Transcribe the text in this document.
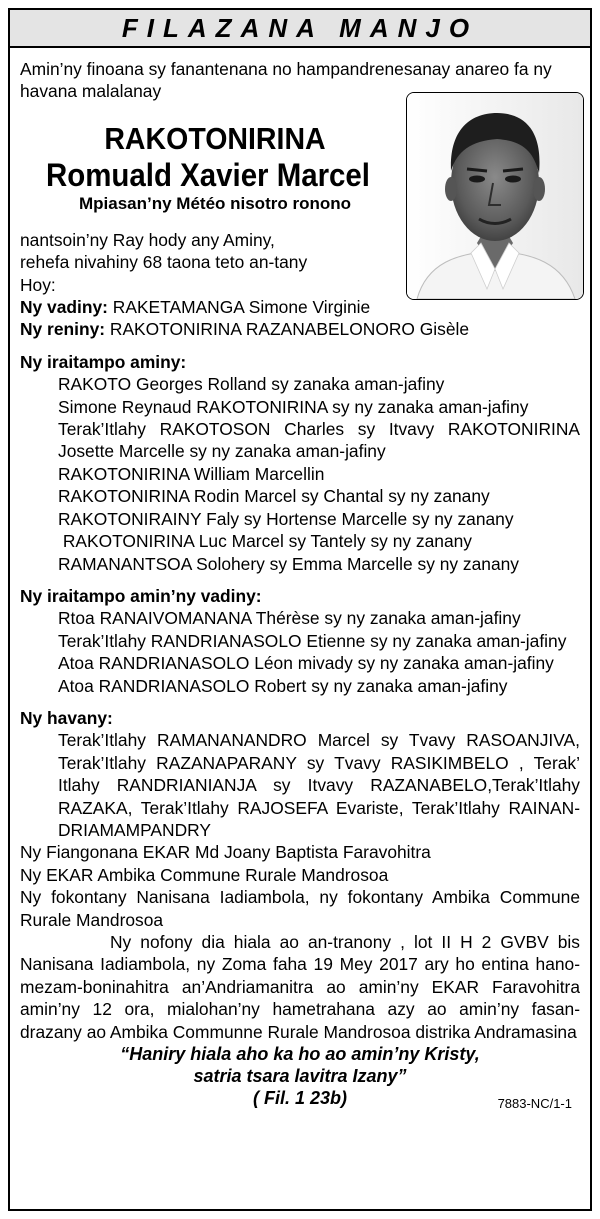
FILAZANA MANJO
Amin’ny finoana sy fanantenana no hampandrenesanay anareo fa ny
havana malalanay
RAKOTONIRINA
Romuald Xavier Marcel
Mpiasan’ny Météo nisotro ronono
nantsoin’ny Ray hody any Aminy,
rehefa nivahiny 68 taona teto an-tany
Hoy:
Ny vadiny: RAKETAMANGA Simone Virginie
Ny reniny: RAKOTONIRINA RAZANABELONORO Gisèle
Ny iraitampo aminy:
RAKOTO Georges Rolland sy zanaka aman-jafiny
Simone Reynaud RAKOTONIRINA sy ny zanaka aman-jafiny
Terak’Itlahy RAKOTOSON Charles sy Itvavy RAKOTONIRINA
Josette Marcelle sy ny zanaka aman-jafiny
RAKOTONIRINA William Marcellin
RAKOTONIRINA Rodin Marcel sy Chantal sy ny zanany
RAKOTONIRAINY Faly sy Hortense Marcelle sy ny zanany
RAKOTONIRINA Luc Marcel sy Tantely sy ny zanany
RAMANANTSOA Solohery sy Emma Marcelle sy ny zanany
Ny iraitampo amin’ny vadiny:
Rtoa RANAIVOMANANA Thérèse sy ny zanaka aman-jafiny
Terak’Itlahy RANDRIANASOLO Etienne sy ny zanaka aman-jafiny
Atoa RANDRIANASOLO Léon mivady sy ny zanaka aman-jafiny
Atoa RANDRIANASOLO Robert sy ny zanaka aman-jafiny
Ny havany:
Terak’Itlahy RAMANANANDRO Marcel sy Tvavy RASOANJIVA,
Terak’Itlahy RAZANAPARANY sy Tvavy RASIKIMBELO , Terak’
Itlahy RANDRIANIANJA sy Itvavy RAZANABELO,Terak’Itlahy
RAZAKA, Terak’Itlahy RAJOSEFA Evariste, Terak’Itlahy RAINAN-
DRIAMAMPANDRY
Ny Fiangonana EKAR Md Joany Baptista Faravohitra
Ny EKAR Ambika Commune Rurale Mandrosoa
Ny fokontany Nanisana Iadiambola, ny fokontany Ambika Commune
Rurale Mandrosoa
Ny nofony dia hiala ao an-tranony , lot II H 2 GVBV bis
Nanisana Iadiambola, ny Zoma faha 19 Mey 2017 ary ho entina hano-
mezam-boninahitra an’Andriamanitra ao amin’ny EKAR Faravohitra
amin’ny 12 ora, mialohan’ny hametrahana azy ao amin’ny fasan-
drazany ao Ambika Communne Rurale Mandrosoa distrika Andramasina
“Haniry hiala aho ka ho ao amin’ny Kristy,
satria tsara lavitra Izany”
( Fil. 1 23b)	7883-NC/1-1
